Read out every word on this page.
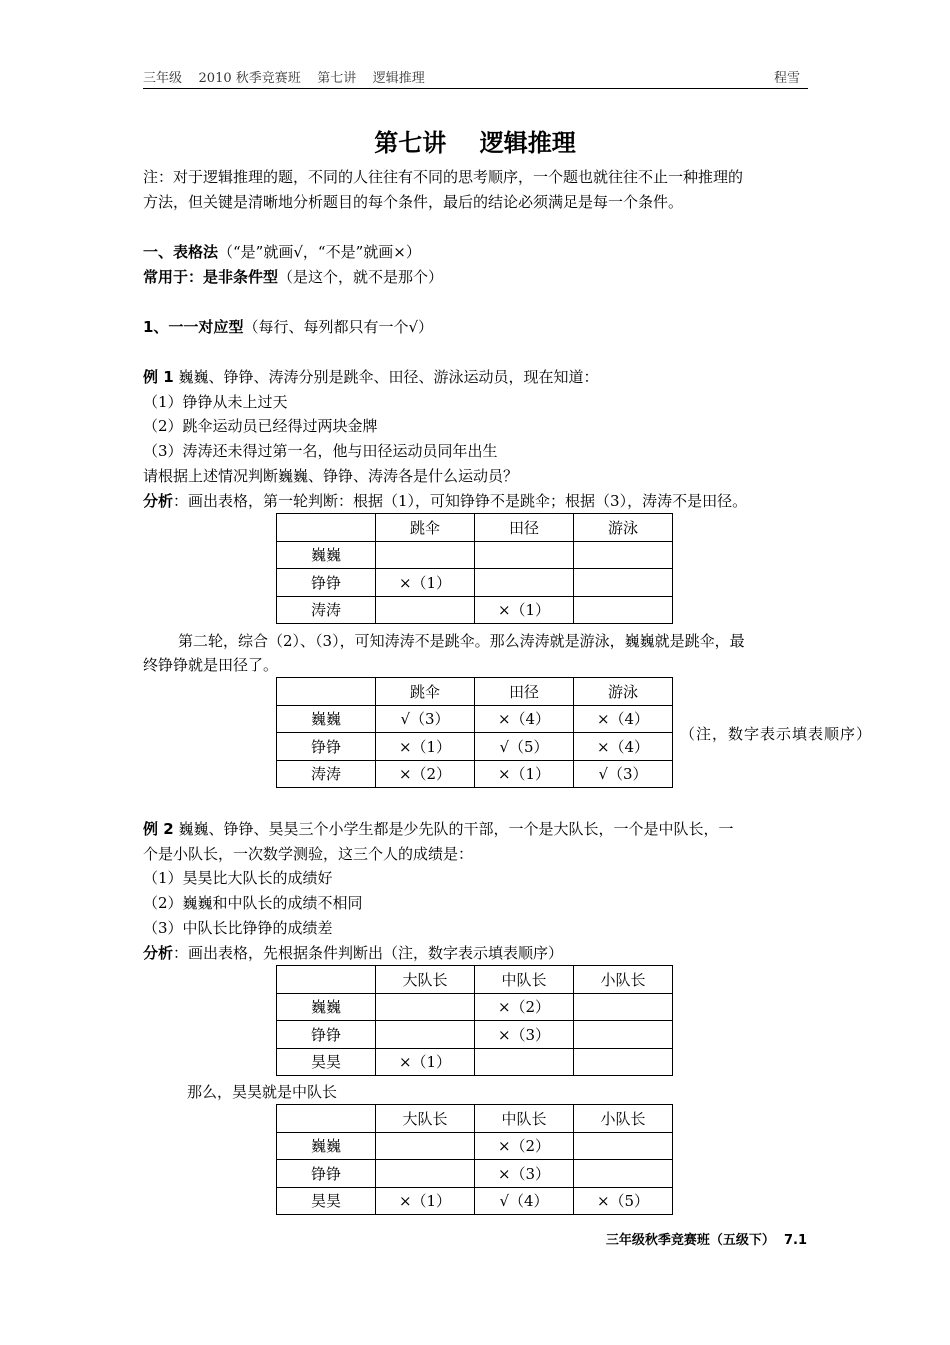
三年级    2010 秋季竞赛班    第七讲    逻辑推理	程雪
第七讲    逻辑推理
注：对于逻辑推理的题，不同的人往往有不同的思考顺序，一个题也就往往不止一种推理的
方法，但关键是清晰地分析题目的每个条件，最后的结论必须满足是每一个条件。
一、表格法（“是”就画√，“不是”就画×）
常用于：是非条件型（是这个，就不是那个）
1、一一对应型（每行、每列都只有一个√）
例 1 巍巍、铮铮、涛涛分别是跳伞、田径、游泳运动员，现在知道：
（1）铮铮从未上过天
（2）跳伞运动员已经得过两块金牌
（3）涛涛还未得过第一名，他与田径运动员同年出生
请根据上述情况判断巍巍、铮铮、涛涛各是什么运动员？
分析：画出表格，第一轮判断：根据（1），可知铮铮不是跳伞；根据（3），涛涛不是田径。
	跳伞	田径	游泳
巍巍			
铮铮	×（1）		
涛涛		×（1）	
第二轮，综合（2）、（3），可知涛涛不是跳伞。那么涛涛就是游泳，巍巍就是跳伞，最
终铮铮就是田径了。
	跳伞	田径	游泳
巍巍	√（3）	×（4）	×（4）
铮铮	×（1）	√（5）	×（4）
涛涛	×（2）	×（1）	√（3）
（注，数字表示填表顺序）
例 2 巍巍、铮铮、昊昊三个小学生都是少先队的干部，一个是大队长，一个是中队长，一
个是小队长，一次数学测验，这三个人的成绩是：
（1）昊昊比大队长的成绩好
（2）巍巍和中队长的成绩不相同
（3）中队长比铮铮的成绩差
分析：画出表格，先根据条件判断出（注，数字表示填表顺序）
	大队长	中队长	小队长
巍巍		×（2）	
铮铮		×（3）	
昊昊	×（1）		
那么，昊昊就是中队长
	大队长	中队长	小队长
巍巍		×（2）	
铮铮		×（3）	
昊昊	×（1）	√（4）	×（5）
三年级秋季竞赛班（五级下）  7.1
